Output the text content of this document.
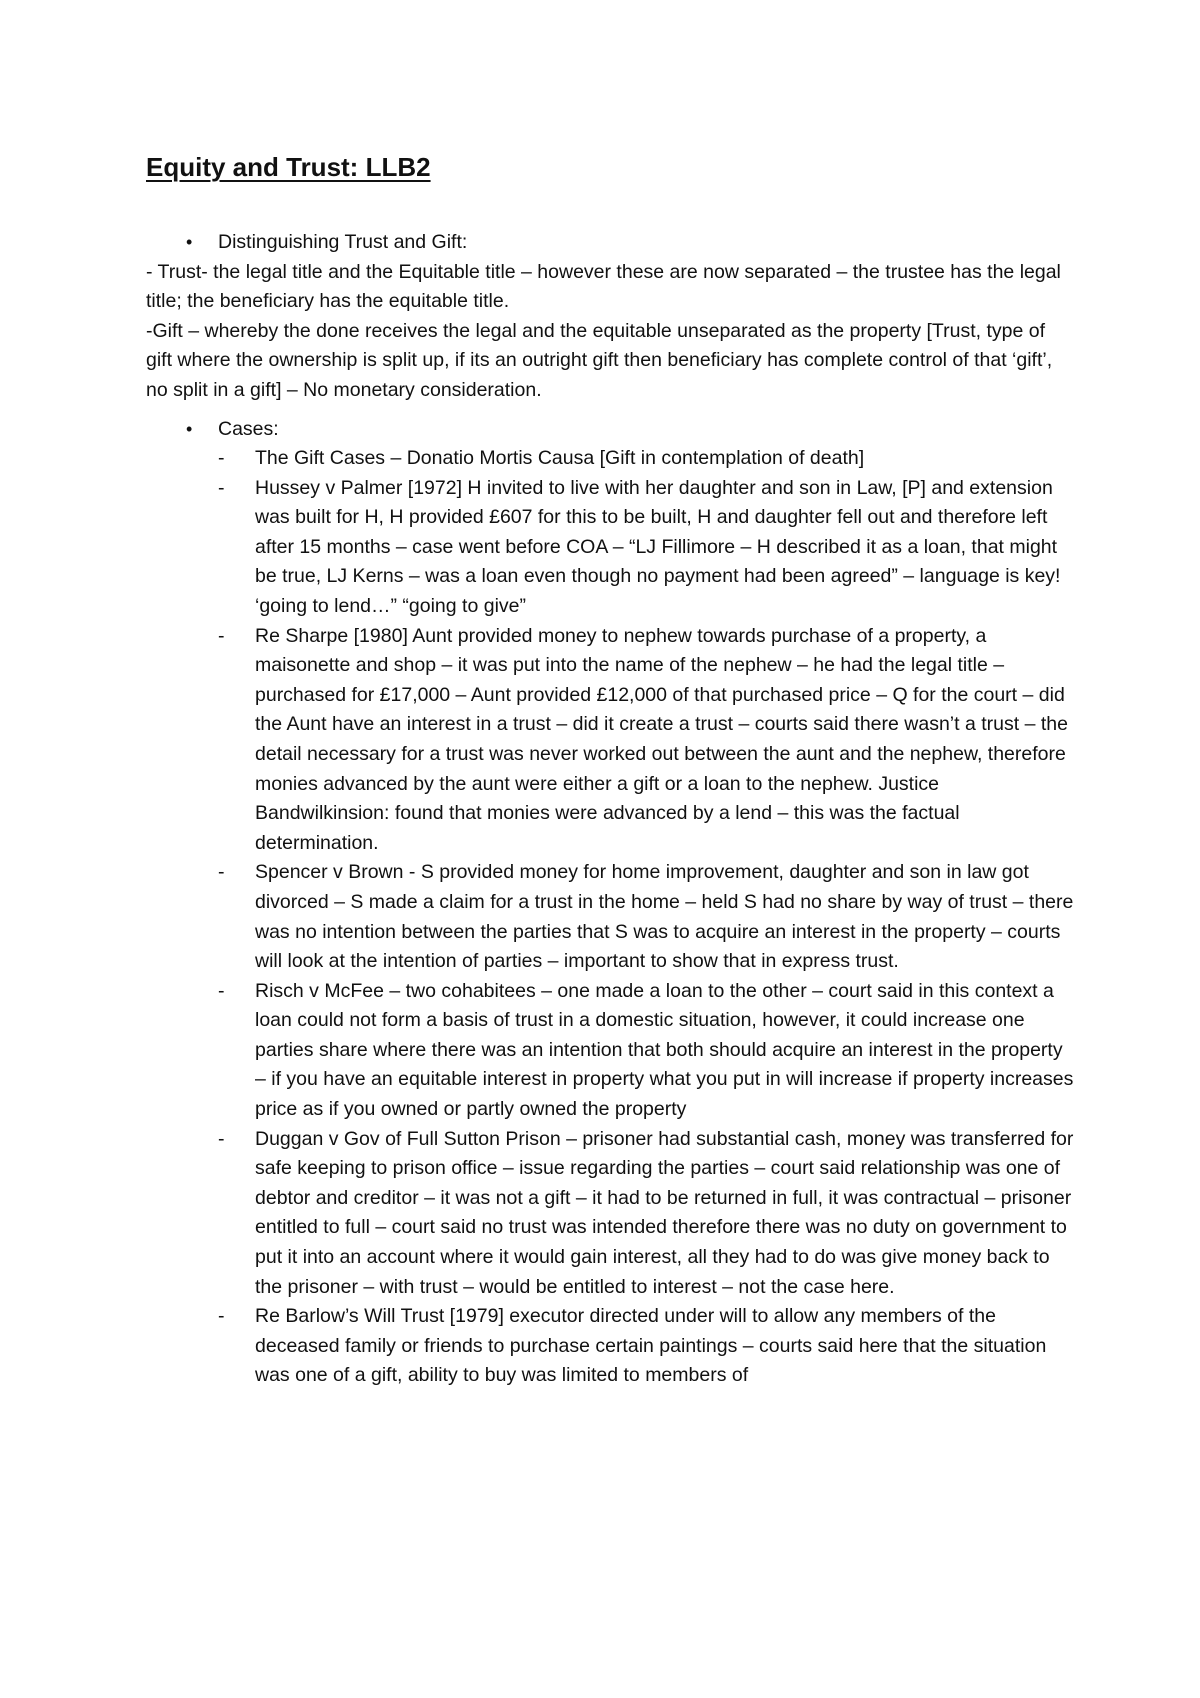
Equity and Trust: LLB2
•	Distinguishing Trust and Gift:

- Trust- the legal title and the Equitable title – however these are now separated – the trustee has the legal title; the beneficiary has the equitable title.

-Gift – whereby the done receives the legal and the equitable unseparated as the property [Trust, type of gift where the ownership is split up, if its an outright gift then beneficiary has complete control of that ‘gift’, no split in a gift] – No monetary consideration.

•	Cases:
-	The Gift Cases – Donatio Mortis Causa [Gift in contemplation of death]
-	Hussey v Palmer [1972] H invited to live with her daughter and son in Law, [P] and extension was built for H, H provided £607 for this to be built, H and daughter fell out and therefore left after 15 months – case went before COA – “LJ Fillimore – H described it as a loan, that might be true, LJ Kerns – was a loan even though no payment had been agreed” – language is key! ‘going to lend…” “going to give”
-	Re Sharpe [1980] Aunt provided money to nephew towards purchase of a property, a maisonette and shop – it was put into the name of the nephew – he had the legal title – purchased for £17,000 – Aunt provided £12,000 of that purchased price – Q for the court – did the Aunt have an interest in a trust – did it create a trust – courts said there wasn’t a trust – the detail necessary for a trust was never worked out between the aunt and the nephew, therefore monies advanced by the aunt were either a gift or a loan to the nephew. Justice Bandwilkinsion: found that monies were advanced by a lend – this was the factual determination.
-	Spencer v Brown - S provided money for home improvement, daughter and son in law got divorced – S made a claim for a trust in the home – held S had no share by way of trust – there was no intention between the parties that S was to acquire an interest in the property – courts will look at the intention of parties – important to show that in express trust.
-	Risch v McFee – two cohabitees – one made a loan to the other – court said in this context a loan could not form a basis of trust in a domestic situation, however, it could increase one parties share where there was an intention that both should acquire an interest in the property – if you have an equitable interest in property what you put in will increase if property increases price as if you owned or partly owned the property
-	Duggan v Gov of Full Sutton Prison – prisoner had substantial cash, money was transferred for safe keeping to prison office – issue regarding the parties – court said relationship was one of debtor and creditor – it was not a gift – it had to be returned in full, it was contractual – prisoner entitled to full – court said no trust was intended therefore there was no duty on government to put it into an account where it would gain interest, all they had to do was give money back to the prisoner – with trust – would be entitled to interest – not the case here.
-	Re Barlow’s Will Trust [1979] executor directed under will to allow any members of the deceased family or friends to purchase certain paintings – courts said here that the situation was one of a gift, ability to buy was limited to members of
